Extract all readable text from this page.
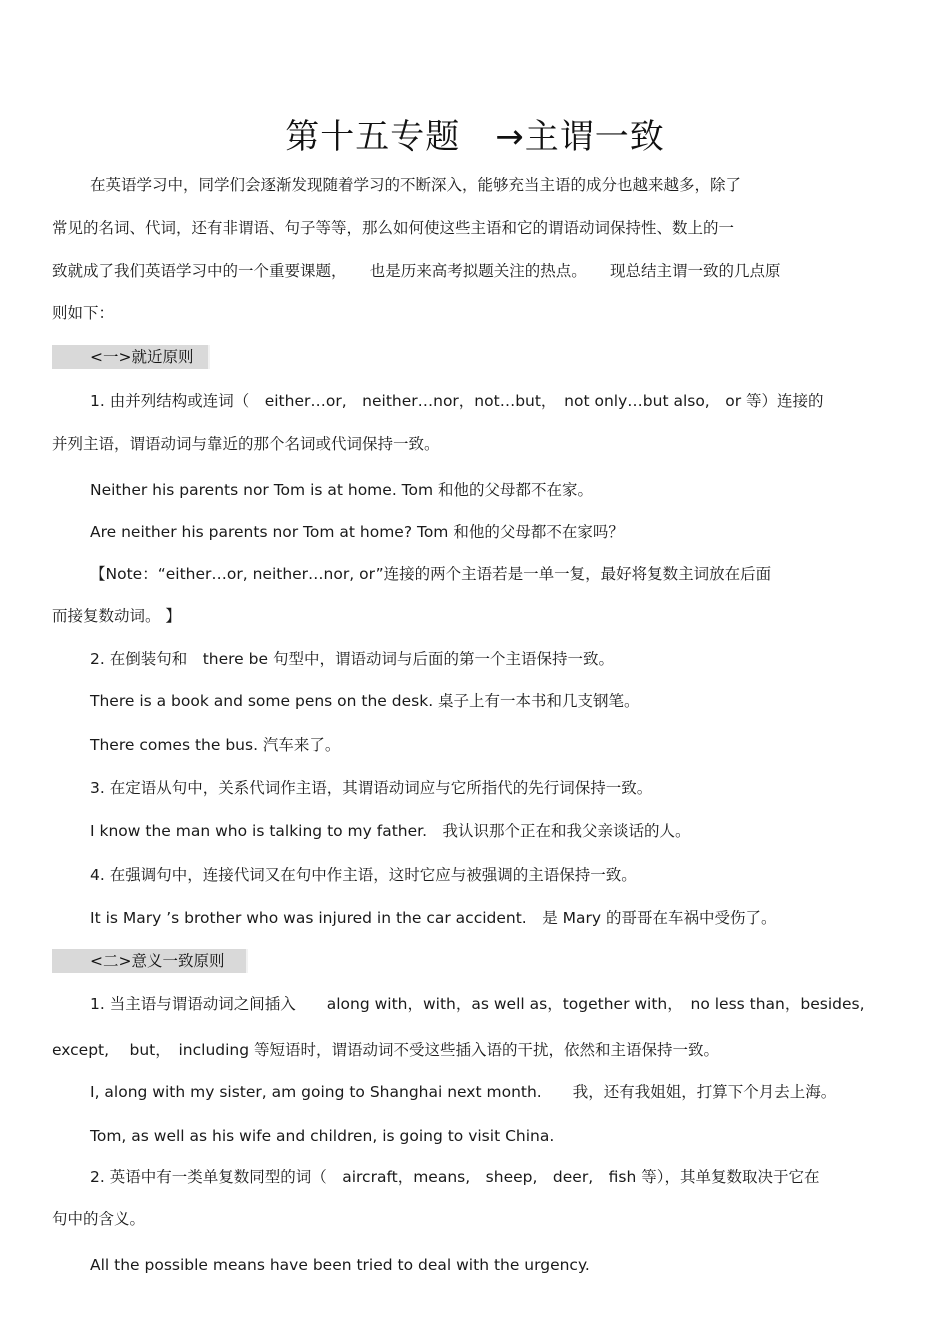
第十五专题　→主谓一致
在英语学习中，同学们会逐渐发现随着学习的不断深入，能够充当主语的成分也越来越多，除了
常见的名词、代词，还有非谓语、句子等等，那么如何使这些主语和它的谓语动词保持性、数上的一
致就成了我们英语学习中的一个重要课题，　　也是历来高考拟题关注的热点。　　现总结主谓一致的几点原
则如下：
<一>就近原则
1. 由并列结构或连词（　either…or,　neither…nor，not…but，　not only…but also,　or 等）连接的
并列主语，谓语动词与靠近的那个名词或代词保持一致。
Neither his parents nor Tom is at home. Tom 和他的父母都不在家。
Are neither his parents nor Tom at home? Tom 和他的父母都不在家吗？
【Note：“either…or, neither…nor, or”连接的两个主语若是一单一复，最好将复数主词放在后面
而接复数动词。 】
2. 在倒装句和　there be 句型中，谓语动词与后面的第一个主语保持一致。
There is a book and some pens on the desk. 桌子上有一本书和几支钢笔。
There comes the bus. 汽车来了。
3. 在定语从句中，关系代词作主语，其谓语动词应与它所指代的先行词保持一致。
I know the man who is talking to my father.　我认识那个正在和我父亲谈话的人。
4. 在强调句中，连接代词又在句中作主语，这时它应与被强调的主语保持一致。
It is Mary ’s brother who was injured in the car accident.　是 Mary 的哥哥在车祸中受伤了。
<二>意义一致原则
1. 当主语与谓语动词之间插入　　along with，with，as well as，together with，　no less than，besides,
except,　 but，　including 等短语时，谓语动词不受这些插入语的干扰，依然和主语保持一致。
I, along with my sister, am going to Shanghai next month.　　我，还有我姐姐，打算下个月去上海。
Tom, as well as his wife and children, is going to visit China.
2. 英语中有一类单复数同型的词（　aircraft，means,　sheep,　deer,　fish 等），其单复数取决于它在
句中的含义。
All the possible means have been tried to deal with the urgency.
